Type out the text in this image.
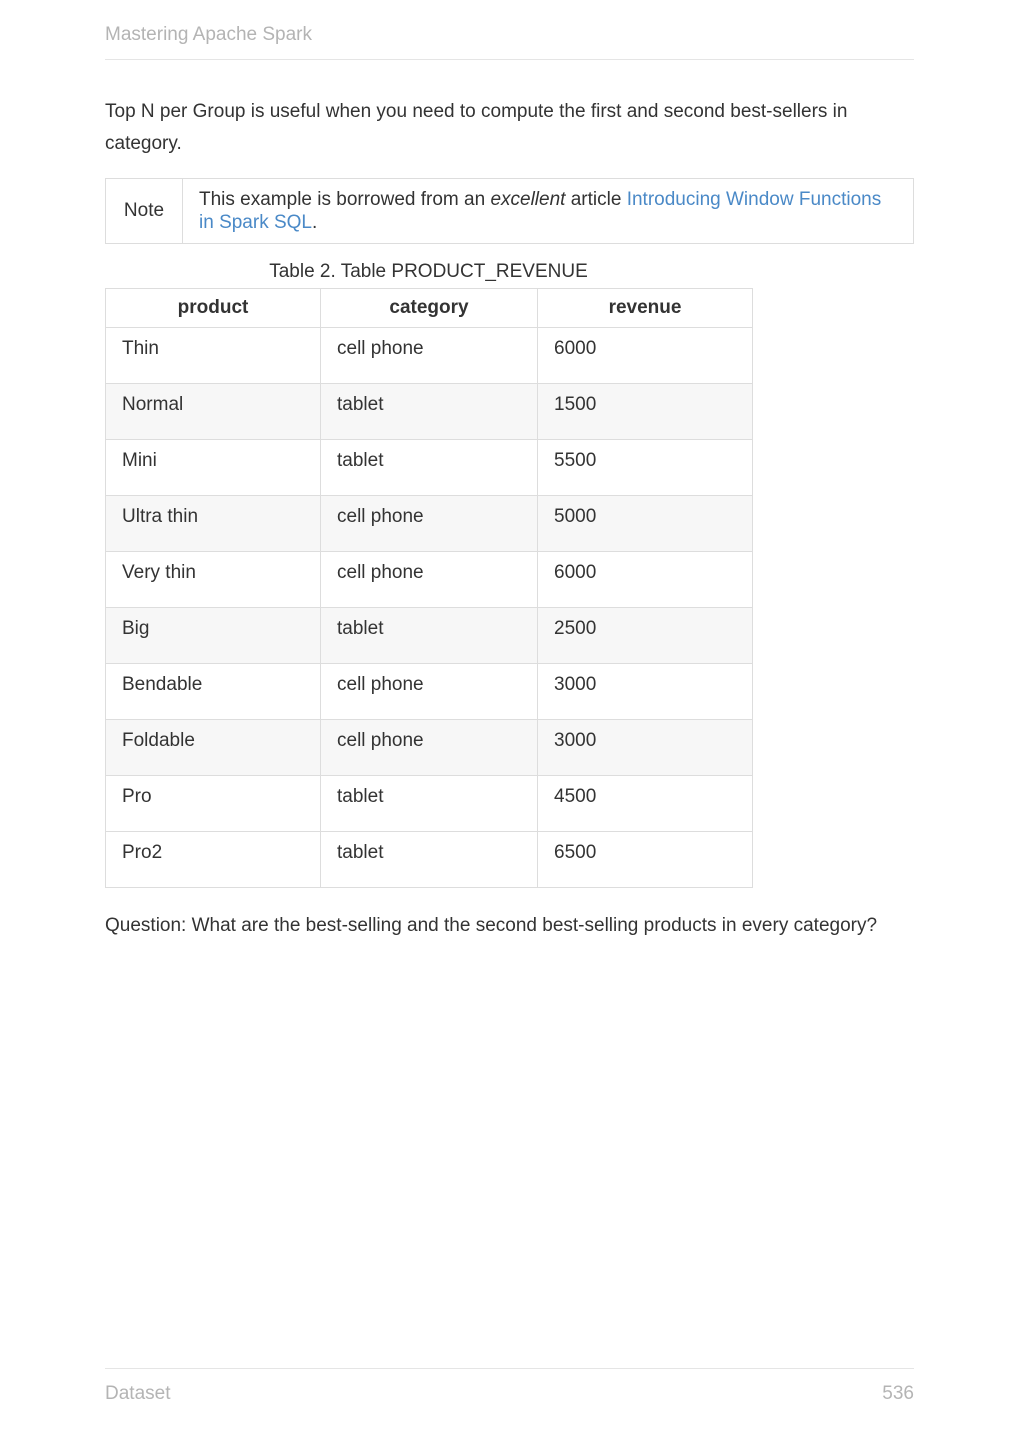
Mastering Apache Spark

Top N per Group is useful when you need to compute the first and second best-sellers in category.

Note
This example is borrowed from an excellent article Introducing Window Functions in Spark SQL.
Table 2. Table PRODUCT_REVENUE
product	category	revenue
Thin	cell phone	6000
Normal	tablet	1500
Mini	tablet	5500
Ultra thin	cell phone	5000
Very thin	cell phone	6000
Big	tablet	2500
Bendable	cell phone	3000
Foldable	cell phone	3000
Pro	tablet	4500
Pro2	tablet	6500

Question: What are the best-selling and the second best-selling products in every category?

Dataset	536
